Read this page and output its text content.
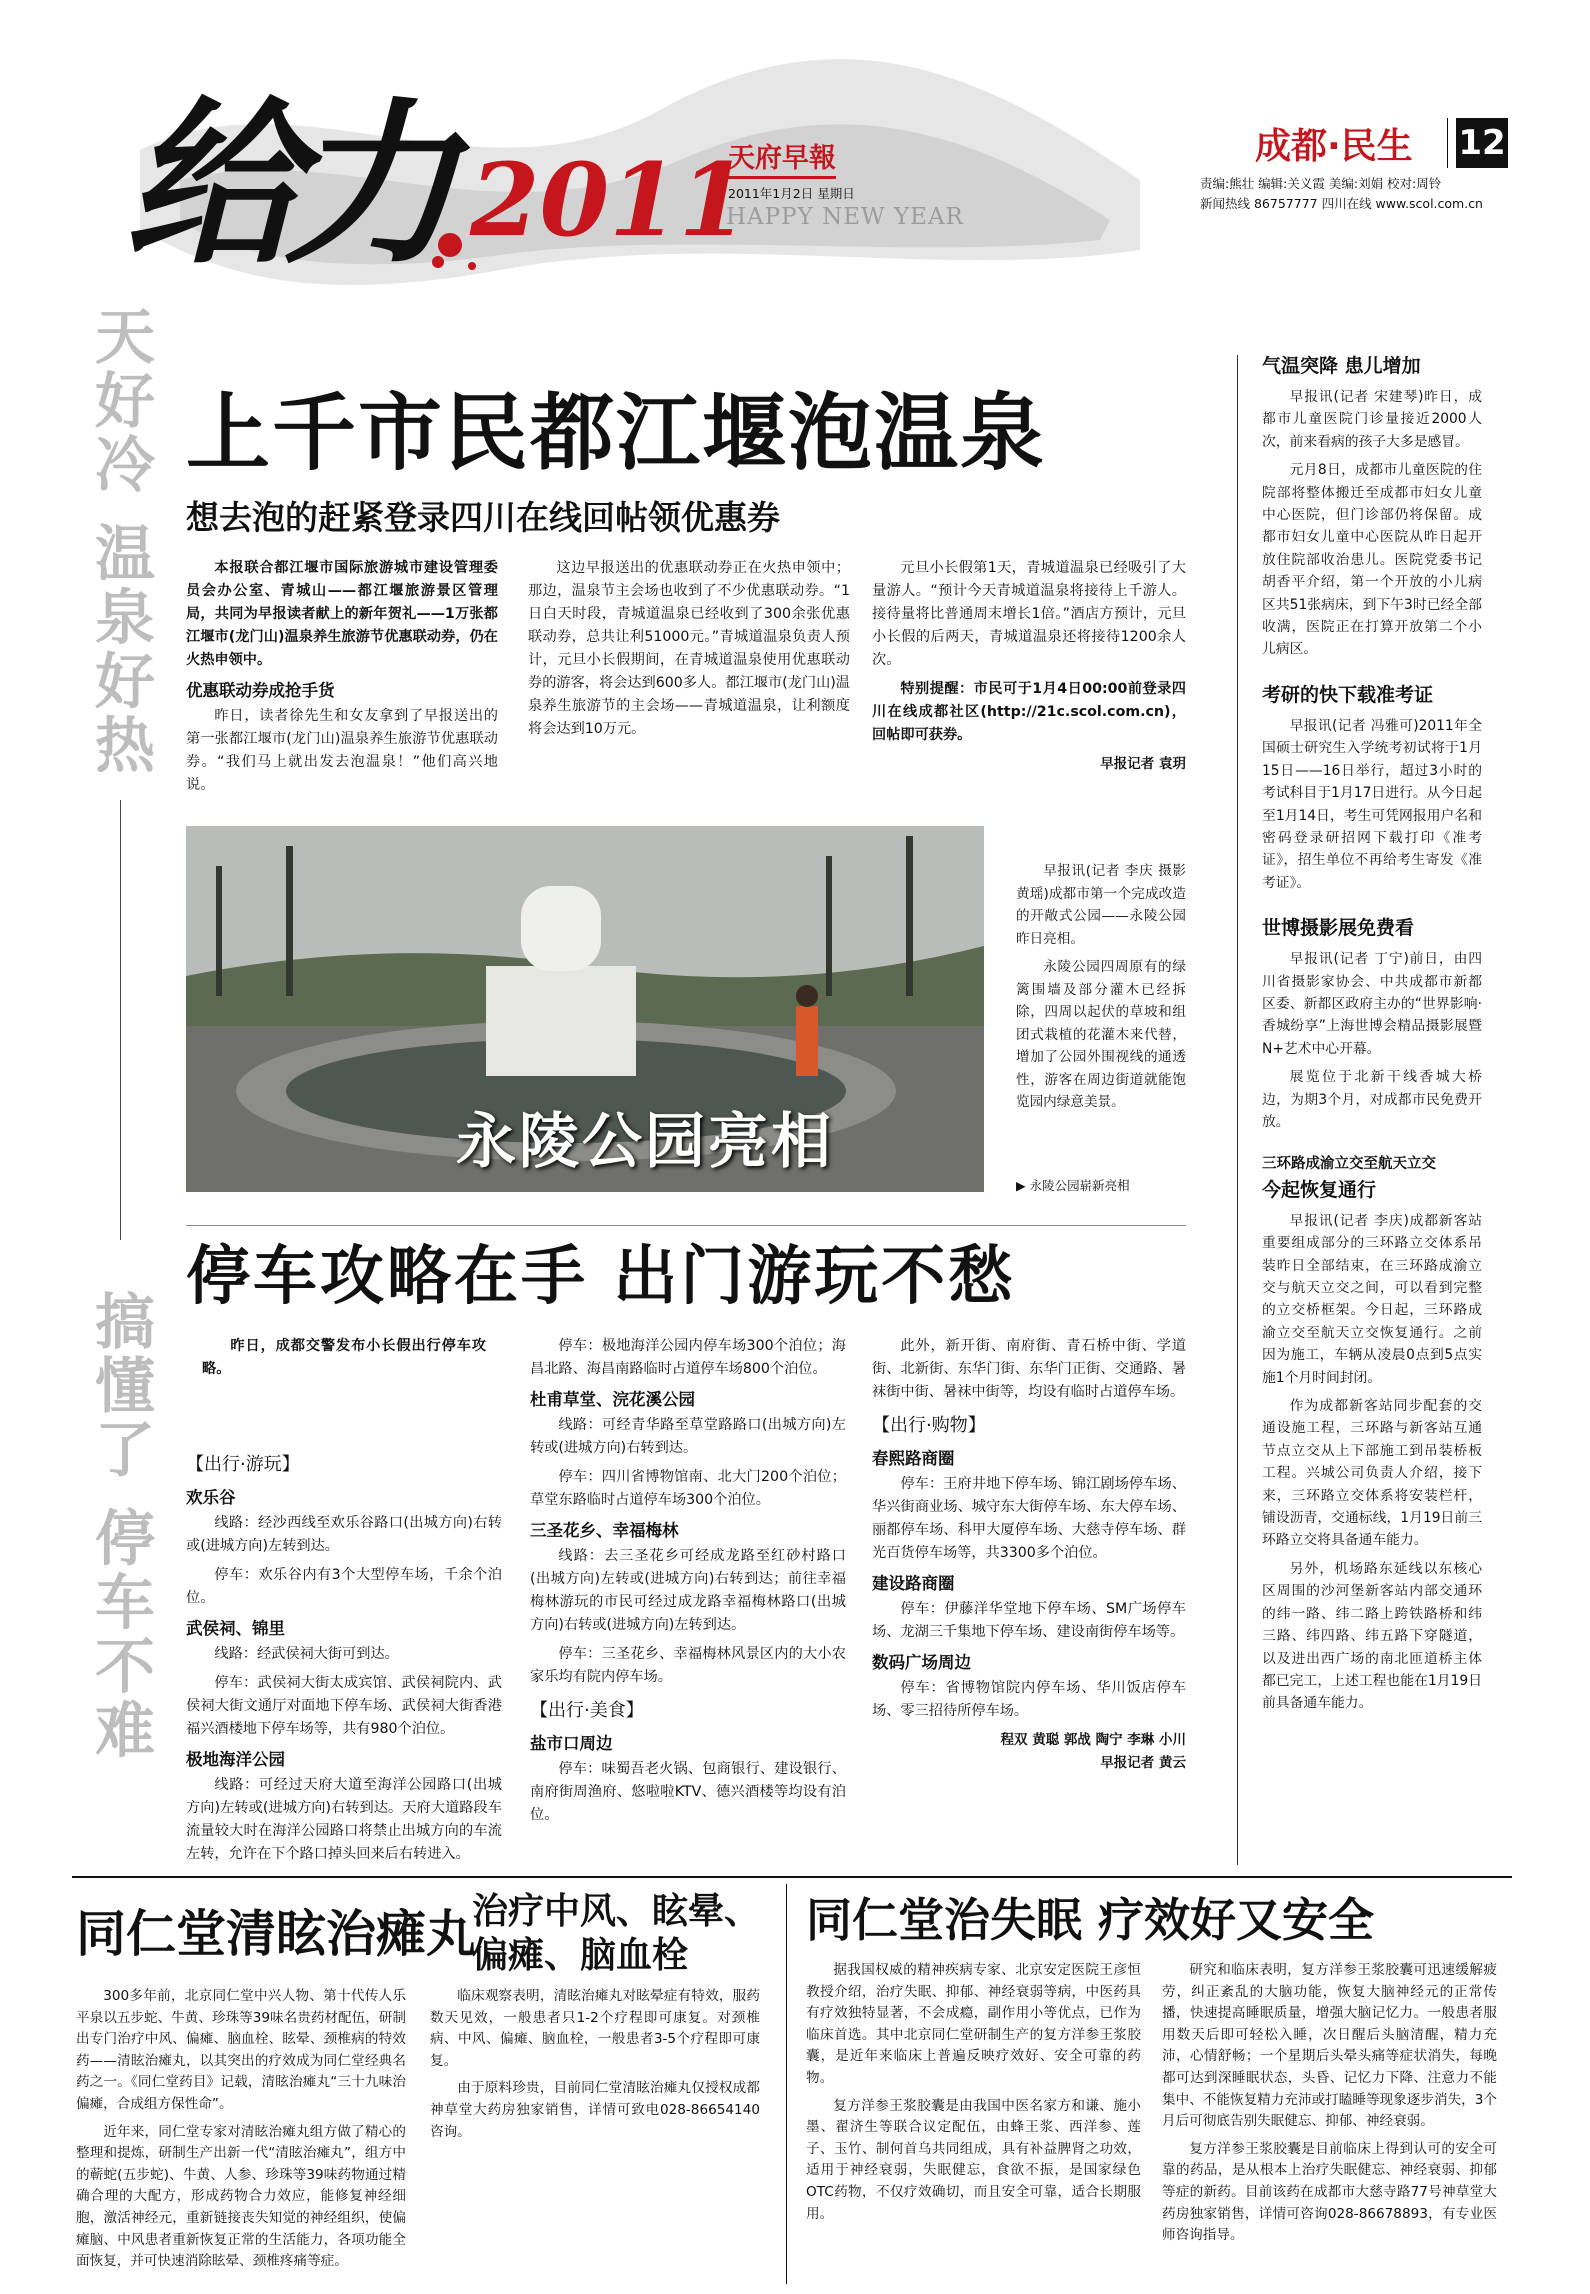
给力 2011
天府早報
2011年1月2日 星期日
HAPPY NEW YEAR
成都·民生 12
责编:熊壮 编辑:关义霞 美编:刘娟 校对:周铃
新闻热线 86757777 四川在线 www.scol.com.cn
天好冷 温泉好热
搞懂了 停车不难
上千市民都江堰泡温泉
想去泡的赶紧登录四川在线回帖领优惠券

本报联合都江堰市国际旅游城市建设管理委员会办公室、青城山——都江堰旅游景区管理局，共同为早报读者献上的新年贺礼——1万张都江堰市(龙门山)温泉养生旅游节优惠联动券，仍在火热申领中。

优惠联动券成抢手货

昨日，读者徐先生和女友拿到了早报送出的第一张都江堰市(龙门山)温泉养生旅游节优惠联动券。“我们马上就出发去泡温泉！”他们高兴地说。

这边早报送出的优惠联动券正在火热申领中；那边，温泉节主会场也收到了不少优惠联动券。“1日白天时段，青城道温泉已经收到了300余张优惠联动券，总共让利51000元。”青城道温泉负责人预计，元旦小长假期间，在青城道温泉使用优惠联动券的游客，将会达到600多人。都江堰市(龙门山)温泉养生旅游节的主会场——青城道温泉，让利额度将会达到10万元。

元旦小长假第1天，青城道温泉已经吸引了大量游人。“预计今天青城道温泉将接待上千游人。接待量将比普通周末增长1倍。”酒店方预计，元旦小长假的后两天，青城道温泉还将接待1200余人次。

特别提醒：市民可于1月4日00:00前登录四川在线成都社区(http://21c.scol.com.cn)，回帖即可获券。

早报记者 袁玥
永陵公园亮相

早报讯(记者 李庆 摄影 黄瑶)成都市第一个完成改造的开敞式公园——永陵公园昨日亮相。

永陵公园四周原有的绿篱围墙及部分灌木已经拆除，四周以起伏的草坡和组团式栽植的花灌木来代替，增加了公园外围视线的通透性，游客在周边街道就能饱览园内绿意美景。

▶ 永陵公园崭新亮相
停车攻略在手 出门游玩不愁

昨日，成都交警发布小长假出行停车攻略。

【出行·游玩】
欢乐谷

线路：经沙西线至欢乐谷路口(出城方向)右转或(进城方向)左转到达。

停车：欢乐谷内有3个大型停车场，千余个泊位。

武侯祠、锦里

线路：经武侯祠大街可到达。

停车：武侯祠大街太成宾馆、武侯祠院内、武侯祠大街文通厅对面地下停车场、武侯祠大街香港福兴酒楼地下停车场等，共有980个泊位。

极地海洋公园

线路：可经过天府大道至海洋公园路口(出城方向)左转或(进城方向)右转到达。天府大道路段车流量较大时在海洋公园路口将禁止出城方向的车流左转，允许在下个路口掉头回来后右转进入。

停车：极地海洋公园内停车场300个泊位；海昌北路、海昌南路临时占道停车场800个泊位。

杜甫草堂、浣花溪公园

线路：可经青华路至草堂路路口(出城方向)左转或(进城方向)右转到达。

停车：四川省博物馆南、北大门200个泊位；草堂东路临时占道停车场300个泊位。

三圣花乡、幸福梅林

线路：去三圣花乡可经成龙路至红砂村路口(出城方向)左转或(进城方向)右转到达；前往幸福梅林游玩的市民可经过成龙路幸福梅林路口(出城方向)右转或(进城方向)左转到达。

停车：三圣花乡、幸福梅林风景区内的大小农家乐均有院内停车场。

【出行·美食】
盐市口周边

停车：味蜀吾老火锅、包商银行、建设银行、南府街周渔府、悠啦啦KTV、德兴酒楼等均设有泊位。

此外，新开街、南府街、青石桥中街、学道街、北新街、东华门街、东华门正街、交通路、暑袜街中街、暑袜中街等，均设有临时占道停车场。

【出行·购物】
春熙路商圈

停车：王府井地下停车场、锦江剧场停车场、华兴街商业场、城守东大街停车场、东大停车场、丽都停车场、科甲大厦停车场、大慈寺停车场、群光百货停车场等，共3300多个泊位。

建设路商圈

停车：伊藤洋华堂地下停车场、SM广场停车场、龙湖三千集地下停车场、建设南街停车场等。

数码广场周边

停车：省博物馆院内停车场、华川饭店停车场、零三招待所停车场。

程双 黄聪 郭战 陶宁 李琳 小川
早报记者 黄云
气温突降 患儿增加

早报讯(记者 宋建琴)昨日，成都市儿童医院门诊量接近2000人次，前来看病的孩子大多是感冒。

元月8日，成都市儿童医院的住院部将整体搬迁至成都市妇女儿童中心医院，但门诊部仍将保留。成都市妇女儿童中心医院从昨日起开放住院部收治患儿。医院党委书记胡香平介绍，第一个开放的小儿病区共51张病床，到下午3时已经全部收满，医院正在打算开放第二个小儿病区。

考研的快下载准考证

早报讯(记者 冯雅可)2011年全国硕士研究生入学统考初试将于1月15日——16日举行，超过3小时的考试科目于1月17日进行。从今日起至1月14日，考生可凭网报用户名和密码登录研招网下载打印《准考证》，招生单位不再给考生寄发《准考证》。

世博摄影展免费看

早报讯(记者 丁宁)前日，由四川省摄影家协会、中共成都市新都区委、新都区政府主办的“世界影响·香城纷享”上海世博会精品摄影展暨N+艺术中心开幕。

展览位于北新干线香城大桥边，为期3个月，对成都市民免费开放。

三环路成渝立交至航天立交
今起恢复通行

早报讯(记者 李庆)成都新客站重要组成部分的三环路立交体系吊装昨日全部结束，在三环路成渝立交与航天立交之间，可以看到完整的立交桥框架。今日起，三环路成渝立交至航天立交恢复通行。之前因为施工，车辆从凌晨0点到5点实施1个月时间封闭。

作为成都新客站同步配套的交通设施工程，三环路与新客站互通节点立交从上下部施工到吊装桥板工程。兴城公司负责人介绍，接下来，三环路立交体系将安装栏杆，铺设沥青，交通标线，1月19日前三环路立交将具备通车能力。

另外，机场路东延线以东核心区周围的沙河堡新客站内部交通环的纬一路、纬二路上跨铁路桥和纬三路、纬四路、纬五路下穿隧道，以及进出西广场的南北匝道桥主体都已完工，上述工程也能在1月19日前具备通车能力。

同仁堂清眩治瘫丸
治疗中风、眩晕、
偏瘫、脑血栓

300多年前，北京同仁堂中兴人物、第十代传人乐平泉以五步蛇、牛黄、珍珠等39味名贵药材配伍，研制出专门治疗中风、偏瘫、脑血栓、眩晕、颈椎病的特效药——清眩治瘫丸，以其突出的疗效成为同仁堂经典名药之一。《同仁堂药目》记载，清眩治瘫丸“三十九味治偏瘫，合成组方保性命”。

近年来，同仁堂专家对清眩治瘫丸组方做了精心的整理和提炼，研制生产出新一代“清眩治瘫丸”，组方中的蕲蛇(五步蛇)、牛黄、人参、珍珠等39味药物通过精确合理的大配方，形成药物合力效应，能修复神经细胞，激活神经元，重新链接丧失知觉的神经组织，使偏瘫脑、中风患者重新恢复正常的生活能力，各项功能全面恢复，并可快速消除眩晕、颈椎疼痛等症。

临床观察表明，清眩治瘫丸对眩晕症有特效，服药数天见效，一般患者只1-2个疗程即可康复。对颈椎病、中风、偏瘫、脑血栓，一般患者3-5个疗程即可康复。

由于原料珍贵，目前同仁堂清眩治瘫丸仅授权成都神草堂大药房独家销售，详情可致电028-86654140咨询。

同仁堂治失眠 疗效好又安全

据我国权威的精神疾病专家、北京安定医院王彦恒教授介绍，治疗失眠、抑郁、神经衰弱等病，中医药具有疗效独特显著，不会成瘾，副作用小等优点，已作为临床首选。其中北京同仁堂研制生产的复方洋参王浆胶囊，是近年来临床上普遍反映疗效好、安全可靠的药物。

复方洋参王浆胶囊是由我国中医名家方和谦、施小墨、翟济生等联合议定配伍，由蜂王浆、西洋参、莲子、玉竹、制何首乌共同组成，具有补益脾肾之功效，适用于神经衰弱，失眠健忘，食欲不振，是国家绿色OTC药物，不仅疗效确切，而且安全可靠，适合长期服用。

研究和临床表明，复方洋参王浆胶囊可迅速缓解疲劳，纠正紊乱的大脑功能，恢复大脑神经元的正常传播，快速提高睡眠质量，增强大脑记忆力。一般患者服用数天后即可轻松入睡，次日醒后头脑清醒，精力充沛，心情舒畅；一个星期后头晕头痛等症状消失，每晚都可达到深睡眠状态，头昏、记忆力下降、注意力不能集中、不能恢复精力充沛或打瞌睡等现象逐步消失，3个月后可彻底告别失眠健忘、抑郁、神经衰弱。

复方洋参王浆胶囊是目前临床上得到认可的安全可靠的药品，是从根本上治疗失眠健忘、神经衰弱、抑郁等症的新药。目前该药在成都市大慈寺路77号神草堂大药房独家销售，详情可咨询028-86678893，有专业医师咨询指导。
